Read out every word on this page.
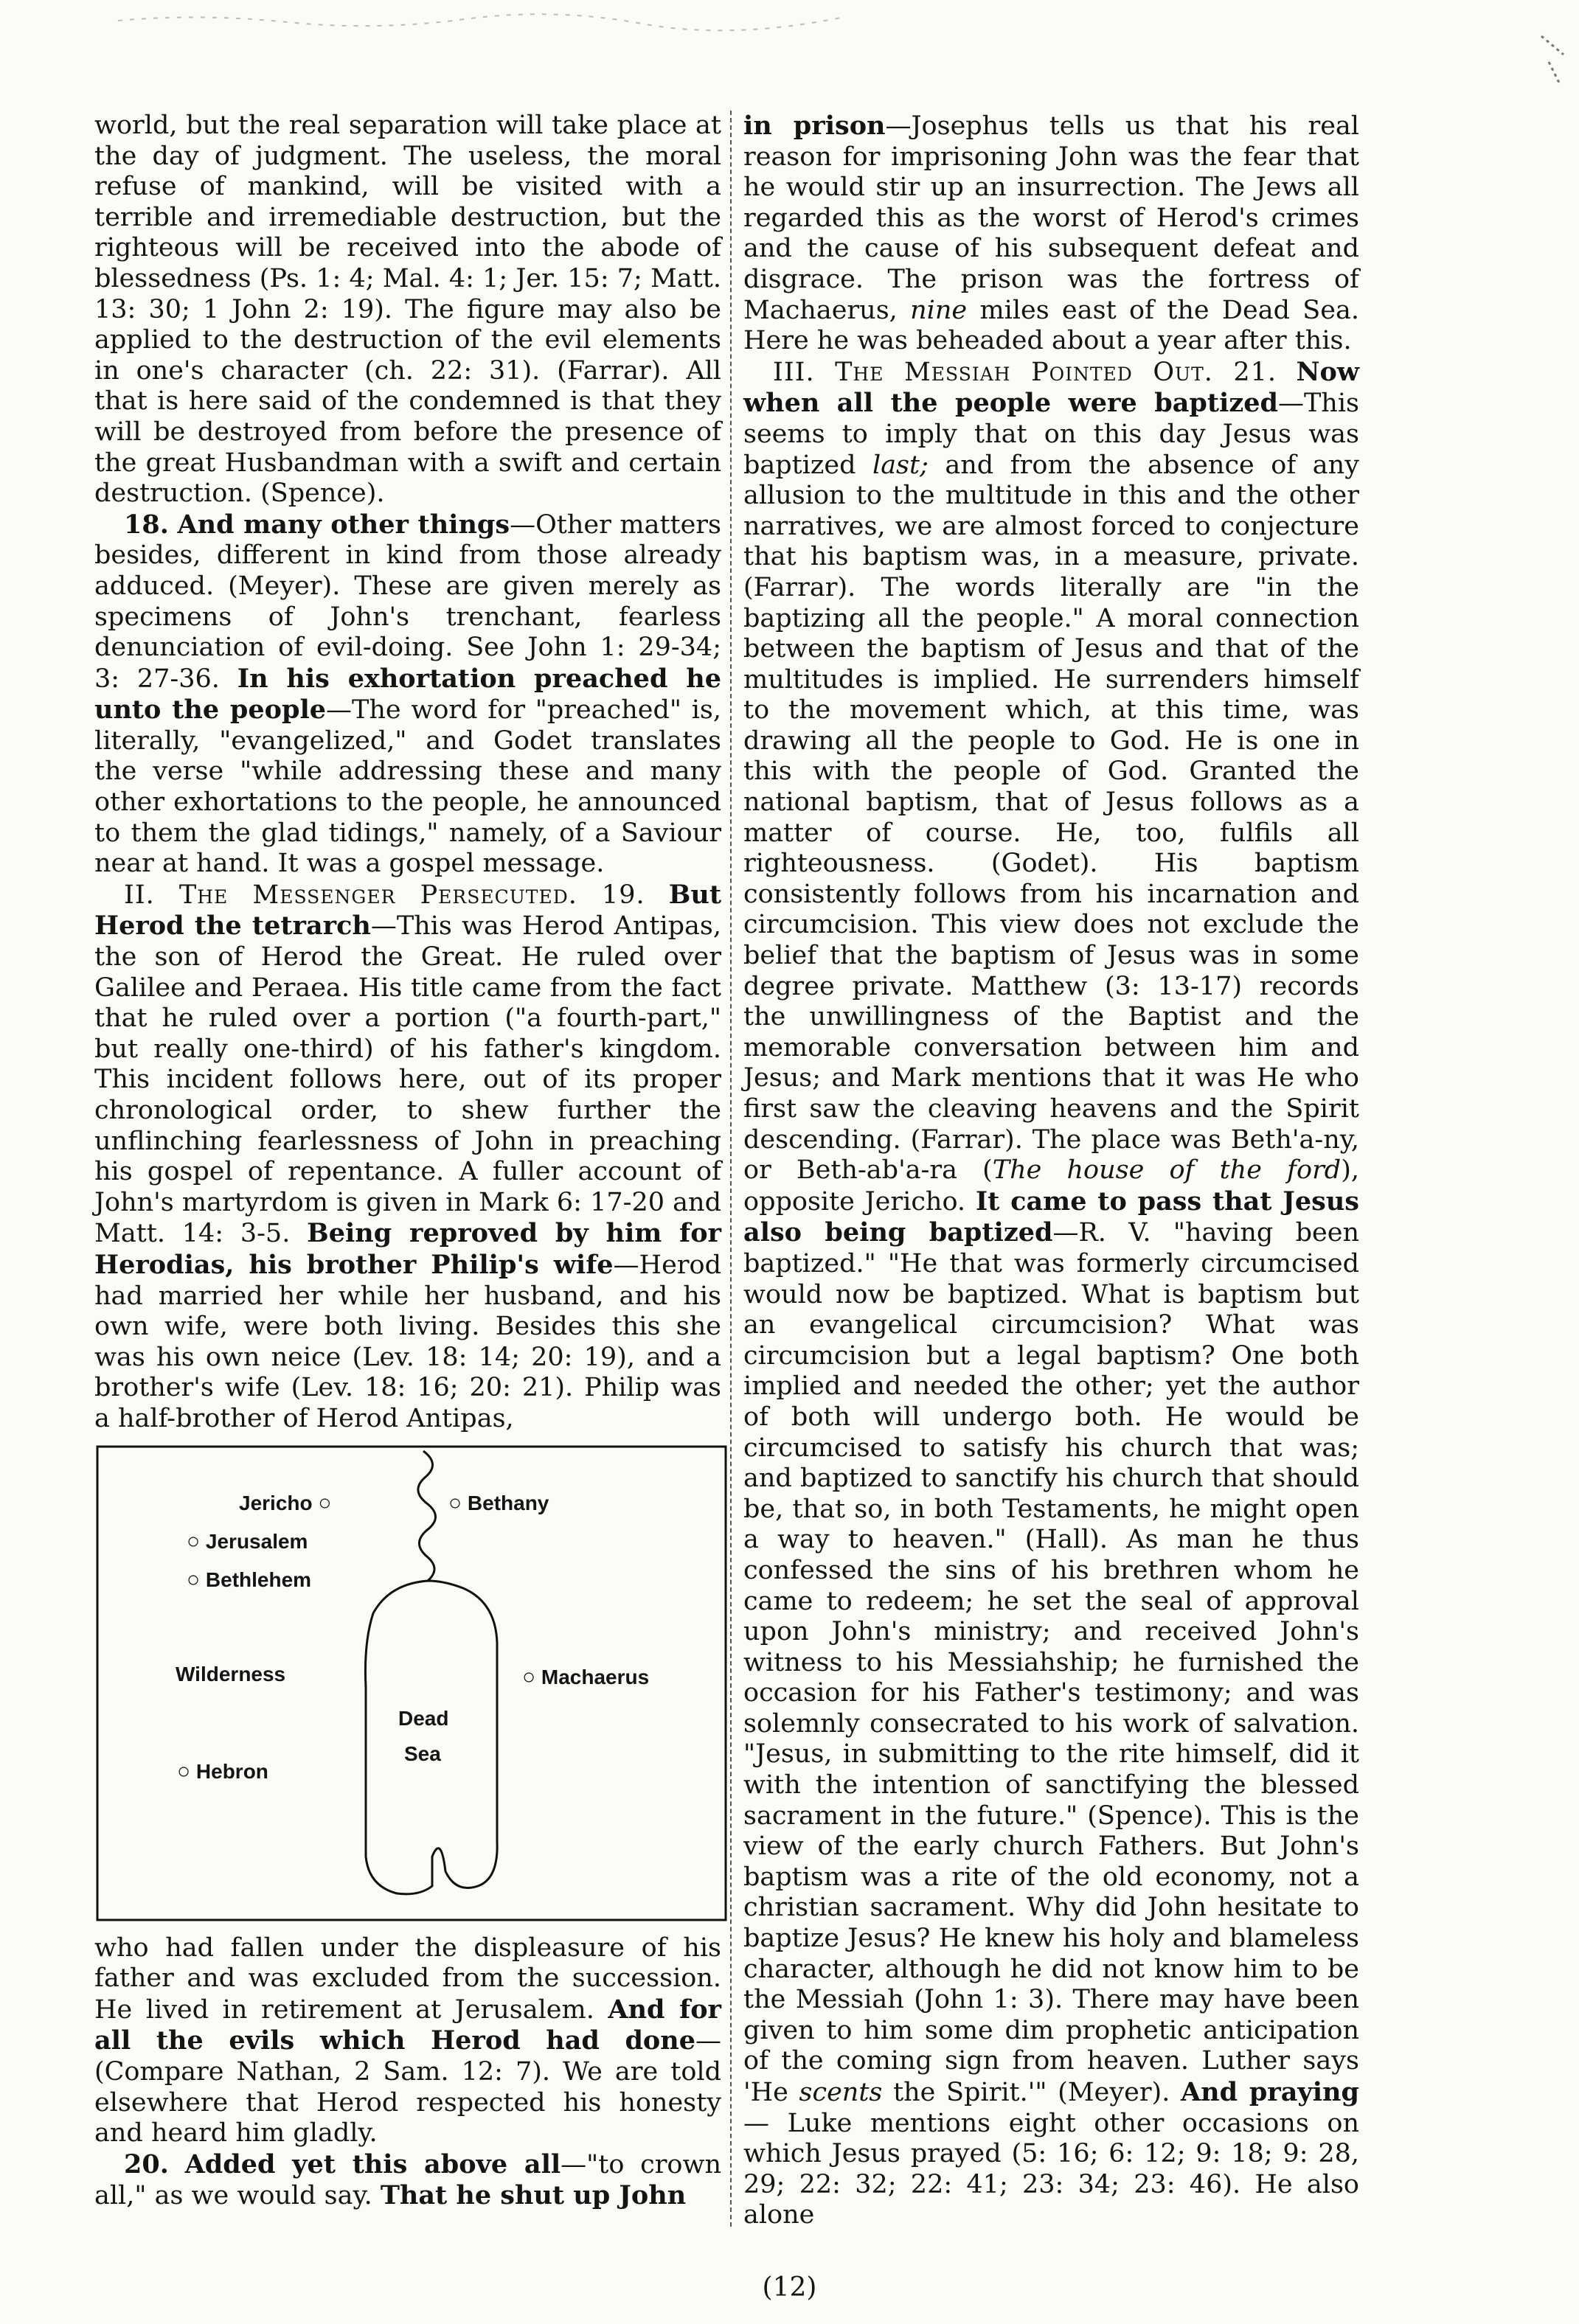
world, but the real separation will take place at the day of judgment. The useless, the moral refuse of mankind, will be visited with a terrible and irremediable destruction, but the righteous will be received into the abode of blessedness (Ps. 1: 4; Mal. 4: 1; Jer. 15: 7; Matt. 13: 30; 1 John 2: 19). The figure may also be applied to the destruction of the evil elements in one's character (ch. 22: 31). (Farrar). All that is here said of the condemned is that they will be destroyed from before the presence of the great Husbandman with a swift and certain destruction. (Spence).

18. And many other things—Other matters besides, different in kind from those already adduced. (Meyer). These are given merely as specimens of John's trenchant, fearless denunciation of evil-doing. See John 1: 29-34; 3: 27-36. In his exhortation preached he unto the people—The word for "preached" is, literally, "evangelized," and Godet translates the verse "while addressing these and many other exhortations to the people, he announced to them the glad tidings," namely, of a Saviour near at hand. It was a gospel message.

II. The Messenger Persecuted. 19. But Herod the tetrarch—This was Herod Antipas, the son of Herod the Great. He ruled over Galilee and Peraea. His title came from the fact that he ruled over a portion ("a fourth-part," but really one-third) of his father's kingdom. This incident follows here, out of its proper chronological order, to shew further the unflinching fearlessness of John in preaching his gospel of repentance. A fuller account of John's martyrdom is given in Mark 6: 17-20 and Matt. 14: 3-5. Being reproved by him for Herodias, his brother Philip's wife—Herod had married her while her husband, and his own wife, were both living. Besides this she was his own neice (Lev. 18: 14; 20: 19), and a brother's wife (Lev. 18: 16; 20: 21). Philip was a half-brother of Herod Antipas,

Jericho ○	○ Bethany
○ Jerusalem
○ Bethlehem
Wilderness
Dead
Sea
○ Machaerus
○ Hebron

who had fallen under the displeasure of his father and was excluded from the succession. He lived in retirement at Jerusalem. And for all the evils which Herod had done—(Compare Nathan, 2 Sam. 12: 7). We are told elsewhere that Herod respected his honesty and heard him gladly.

20. Added yet this above all—"to crown all," as we would say. That he shut up John

in prison—Josephus tells us that his real reason for imprisoning John was the fear that he would stir up an insurrection. The Jews all regarded this as the worst of Herod's crimes and the cause of his subsequent defeat and disgrace. The prison was the fortress of Machaerus, nine miles east of the Dead Sea. Here he was beheaded about a year after this.

III. The Messiah Pointed Out. 21. Now when all the people were baptized—This seems to imply that on this day Jesus was baptized last; and from the absence of any allusion to the multitude in this and the other narratives, we are almost forced to conjecture that his baptism was, in a measure, private. (Farrar). The words literally are "in the baptizing all the people." A moral connection between the baptism of Jesus and that of the multitudes is implied. He surrenders himself to the movement which, at this time, was drawing all the people to God. He is one in this with the people of God. Granted the national baptism, that of Jesus follows as a matter of course. He, too, fulfils all righteousness. (Godet). His baptism consistently follows from his incarnation and circumcision. This view does not exclude the belief that the baptism of Jesus was in some degree private. Matthew (3: 13-17) records the unwillingness of the Baptist and the memorable conversation between him and Jesus; and Mark mentions that it was He who first saw the cleaving heavens and the Spirit descending. (Farrar). The place was Beth'a-ny, or Beth-ab'a-ra (The house of the ford), opposite Jericho. It came to pass that Jesus also being baptized—R. V. "having been baptized." "He that was formerly circumcised would now be baptized. What is baptism but an evangelical circumcision? What was circumcision but a legal baptism? One both implied and needed the other; yet the author of both will undergo both. He would be circumcised to satisfy his church that was; and baptized to sanctify his church that should be, that so, in both Testaments, he might open a way to heaven." (Hall). As man he thus confessed the sins of his brethren whom he came to redeem; he set the seal of approval upon John's ministry; and received John's witness to his Messiahship; he furnished the occasion for his Father's testimony; and was solemnly consecrated to his work of salvation. "Jesus, in submitting to the rite himself, did it with the intention of sanctifying the blessed sacrament in the future." (Spence). This is the view of the early church Fathers. But John's baptism was a rite of the old economy, not a christian sacrament. Why did John hesitate to baptize Jesus? He knew his holy and blameless character, although he did not know him to be the Messiah (John 1: 3). There may have been given to him some dim prophetic anticipation of the coming sign from heaven. Luther says 'He scents the Spirit.'" (Meyer). And praying— Luke mentions eight other occasions on which Jesus prayed (5: 16; 6: 12; 9: 18; 9: 28, 29; 22: 32; 22: 41; 23: 34; 23: 46). He also alone

(12)
